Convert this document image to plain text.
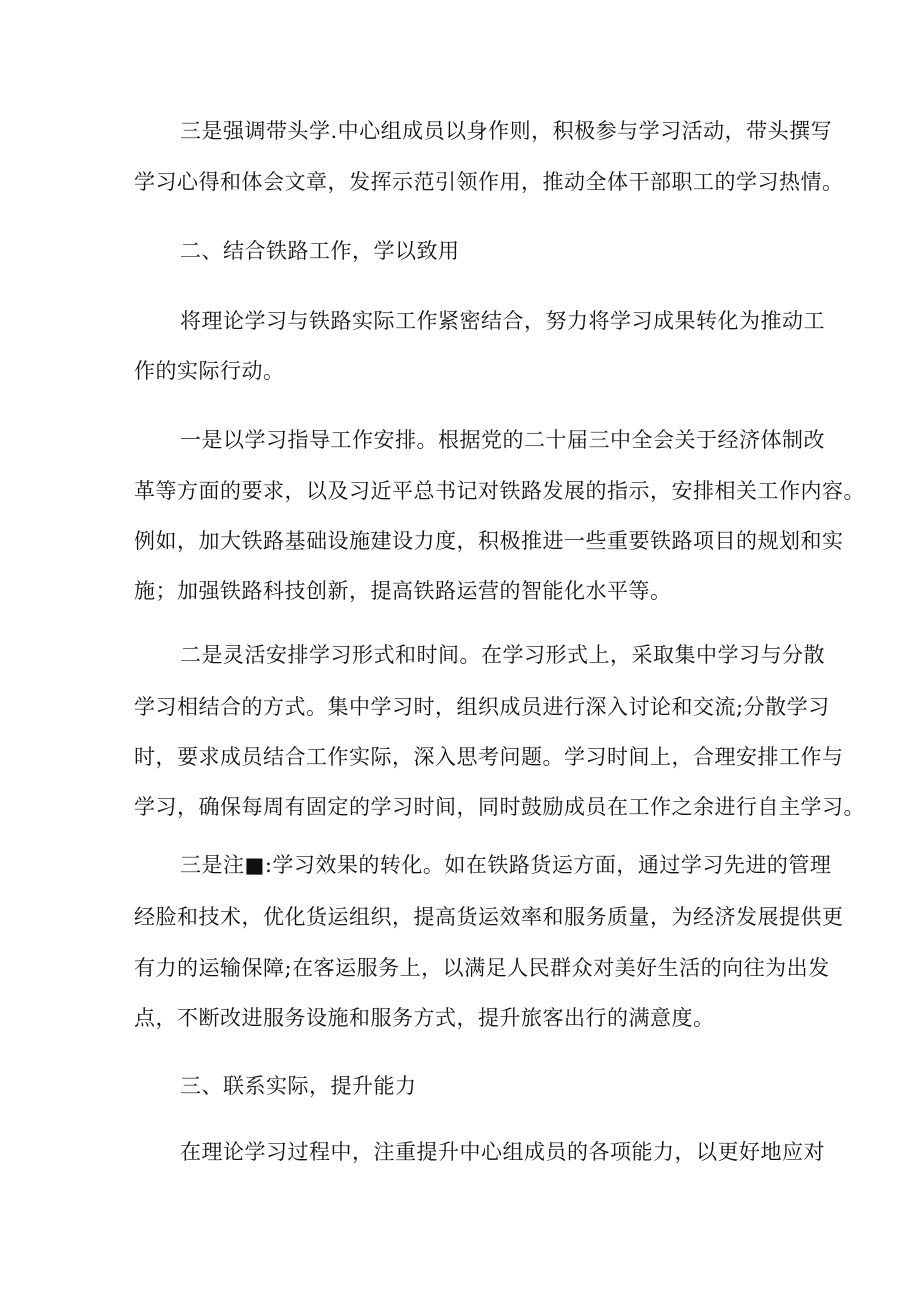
三是强调带头学.中心组成员以身作则，积极参与学习活动，带头撰写
学习心得和体会文章，发挥示范引领作用，推动全体干部职工的学习热情。
二、结合铁路工作，学以致用
将理论学习与铁路实际工作紧密结合，努力将学习成果转化为推动工
作的实际行动。
一是以学习指导工作安排。根据党的二十届三中全会关于经济体制改
革等方面的要求，以及习近平总书记对铁路发展的指示，安排相关工作内容。
例如，加大铁路基础设施建设力度，积极推进一些重要铁路项目的规划和实
施；加强铁路科技创新，提高铁路运营的智能化水平等。
二是灵活安排学习形式和时间。在学习形式上，采取集中学习与分散
学习相结合的方式。集中学习时，组织成员进行深入讨论和交流;分散学习
时，要求成员结合工作实际，深入思考问题。学习时间上，合理安排工作与
学习，确保每周有固定的学习时间，同时鼓励成员在工作之余进行自主学习。
三是注■:学习效果的转化。如在铁路货运方面，通过学习先进的管理
经脸和技术，优化货运组织，提高货运效率和服务质量，为经济发展提供更
有力的运输保障;在客运服务上，以满足人民群众对美好生活的向往为出发
点，不断改进服务设施和服务方式，提升旅客出行的满意度。
三、联系实际，提升能力
在理论学习过程中，注重提升中心组成员的各项能力，以更好地应对
